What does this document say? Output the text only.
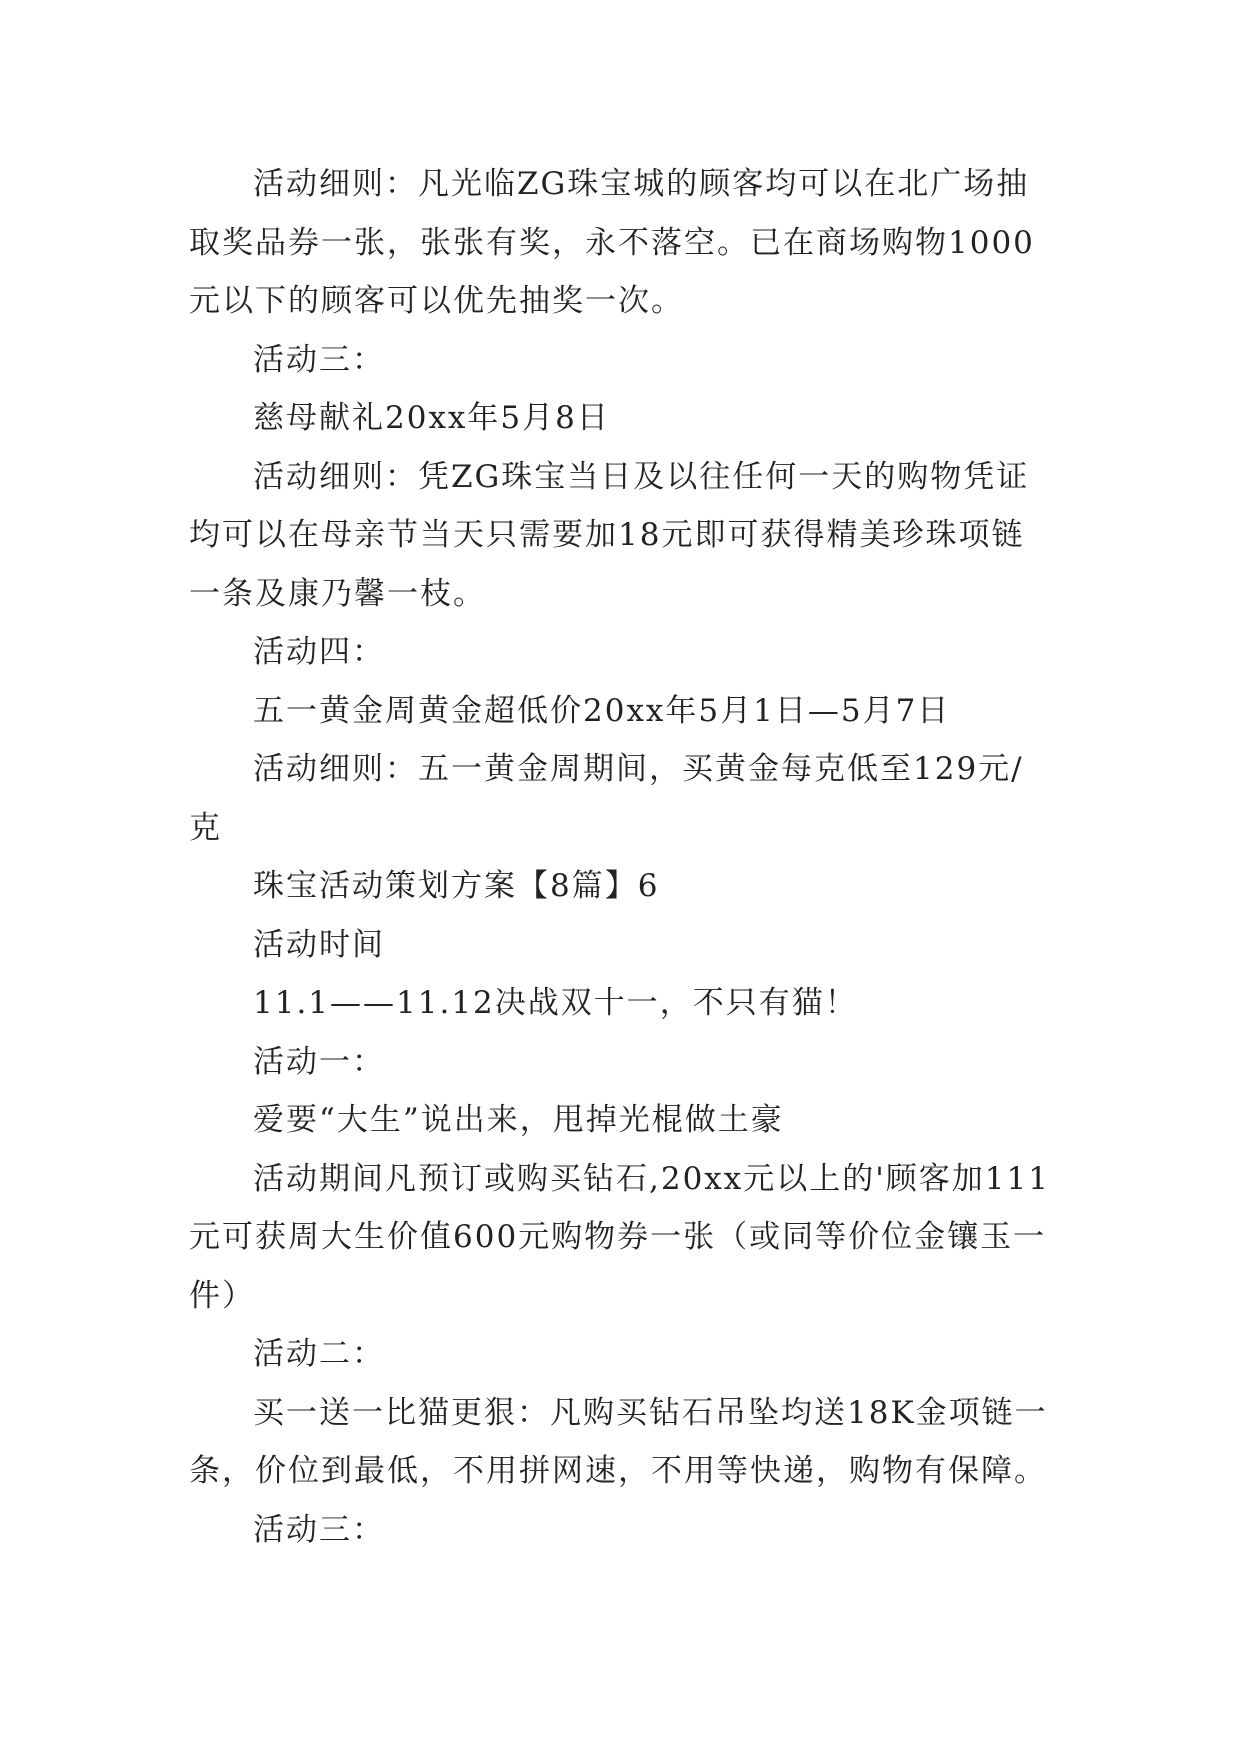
活动细则：凡光临ZG珠宝城的顾客均可以在北广场抽取奖品券一张，张张有奖，永不落空。已在商场购物1000元以下的顾客可以优先抽奖一次。

活动三：

慈母献礼20xx年5月8日

活动细则：凭ZG珠宝当日及以往任何一天的购物凭证均可以在母亲节当天只需要加18元即可获得精美珍珠项链一条及康乃馨一枝。

活动四：

五一黄金周黄金超低价20xx年5月1日—5月7日

活动细则：五一黄金周期间，买黄金每克低至129元/克

珠宝活动策划方案【8篇】6

活动时间

11.1——11.12决战双十一，不只有猫！

活动一：

爱要“大生”说出来，甩掉光棍做土豪

活动期间凡预订或购买钻石,20xx元以上的'顾客加111元可获周大生价值600元购物券一张（或同等价位金镶玉一件）

活动二：

买一送一比猫更狠：凡购买钻石吊坠均送18K金项链一条，价位到最低，不用拼网速，不用等快递，购物有保障。

活动三：
